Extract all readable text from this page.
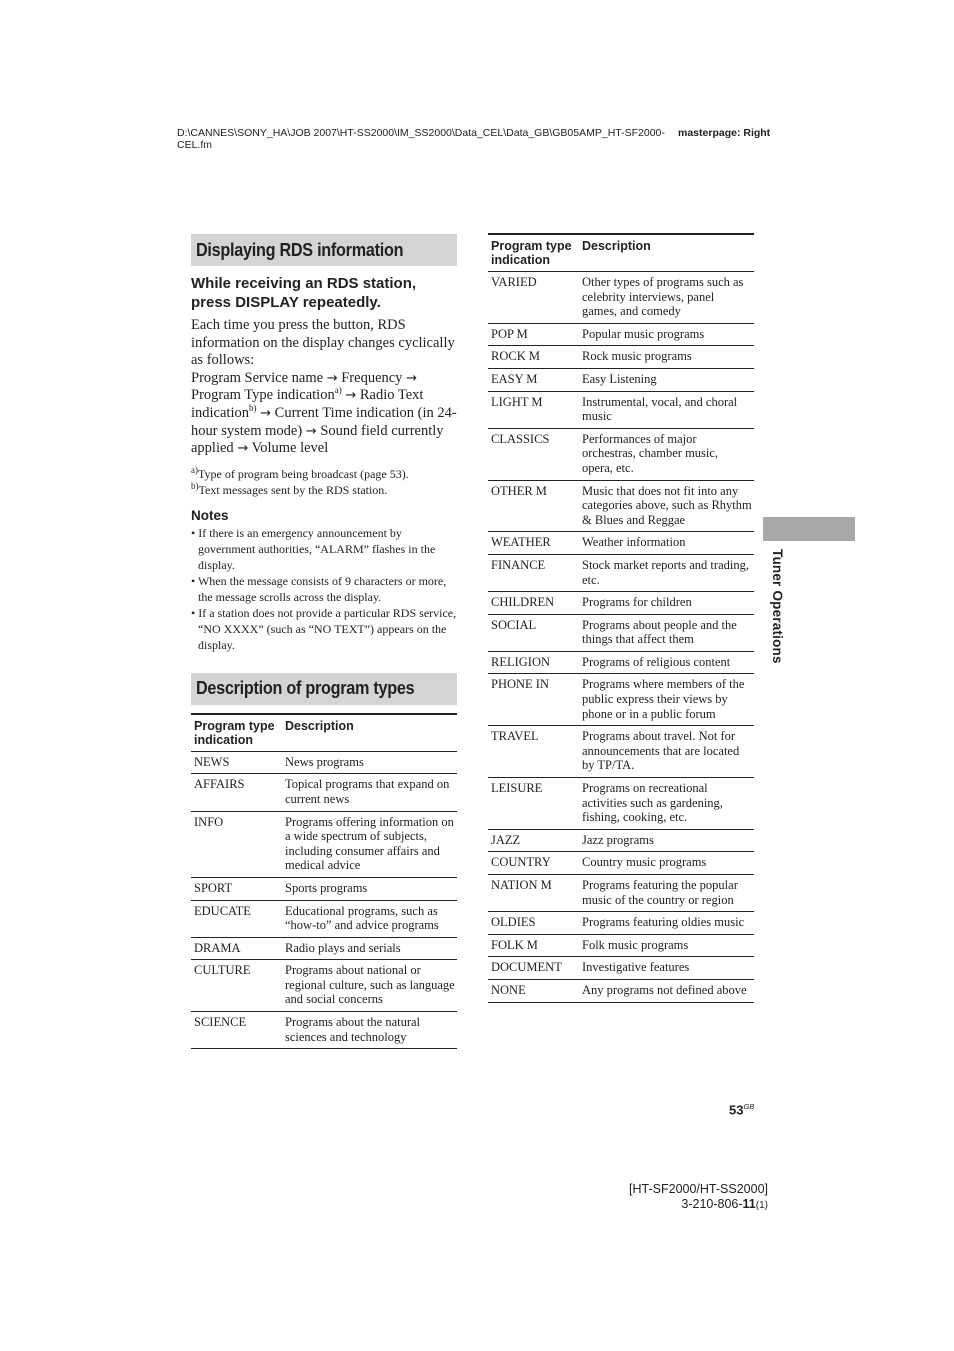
D:\CANNES\SONY_HA\JOB 2007\HT-SS2000\IM_SS2000\Data_CEL\Data_GB\GB05AMP_HT-SF2000-CEL.fm
masterpage: Right
Displaying RDS information
While receiving an RDS station, press DISPLAY repeatedly.

Each time you press the button, RDS information on the display changes cyclically as follows:

Program Service name → Frequency → Program Type indication$^{a)}$ → Radio Text indication$^{b)}$ → Current Time indication (in 24-hour system mode) → Sound field currently applied → Volume level

$^{a)}$Type of program being broadcast (page 53).

$^{b)}$Text messages sent by the RDS station.

Notes
• If there is an emergency announcement by government authorities, “ALARM” flashes in the display.
• When the message consists of 9 characters or more, the message scrolls across the display.
• If a station does not provide a particular RDS service, “NO XXXX” (such as “NO TEXT”) appears on the display.
Description of program types
Program type indication	Description
NEWS	News programs
AFFAIRS	Topical programs that expand on current news
INFO	Programs offering information on a wide spectrum of subjects, including consumer affairs and medical advice
SPORT	Sports programs
EDUCATE	Educational programs, such as “how-to” and advice programs
DRAMA	Radio plays and serials
CULTURE	Programs about national or regional culture, such as language and social concerns
SCIENCE	Programs about the natural sciences and technology
Program type indication	Description
VARIED	Other types of programs such as celebrity interviews, panel games, and comedy
POP M	Popular music programs
ROCK M	Rock music programs
EASY M	Easy Listening
LIGHT M	Instrumental, vocal, and choral music
CLASSICS	Performances of major orchestras, chamber music, opera, etc.
OTHER M	Music that does not fit into any categories above, such as Rhythm & Blues and Reggae
WEATHER	Weather information
FINANCE	Stock market reports and trading, etc.
CHILDREN	Programs for children
SOCIAL	Programs about people and the things that affect them
RELIGION	Programs of religious content
PHONE IN	Programs where members of the public express their views by phone or in a public forum
TRAVEL	Programs about travel. Not for announcements that are located by TP/TA.
LEISURE	Programs on recreational activities such as gardening, fishing, cooking, etc.
JAZZ	Jazz programs
COUNTRY	Country music programs
NATION M	Programs featuring the popular music of the country or region
OLDIES	Programs featuring oldies music
FOLK M	Folk music programs
DOCUMENT	Investigative features
NONE	Any programs not defined above
Tuner Operations
$53^{GB}$
[HT-SF2000/HT-SS2000]
3-210-806-11(1)
